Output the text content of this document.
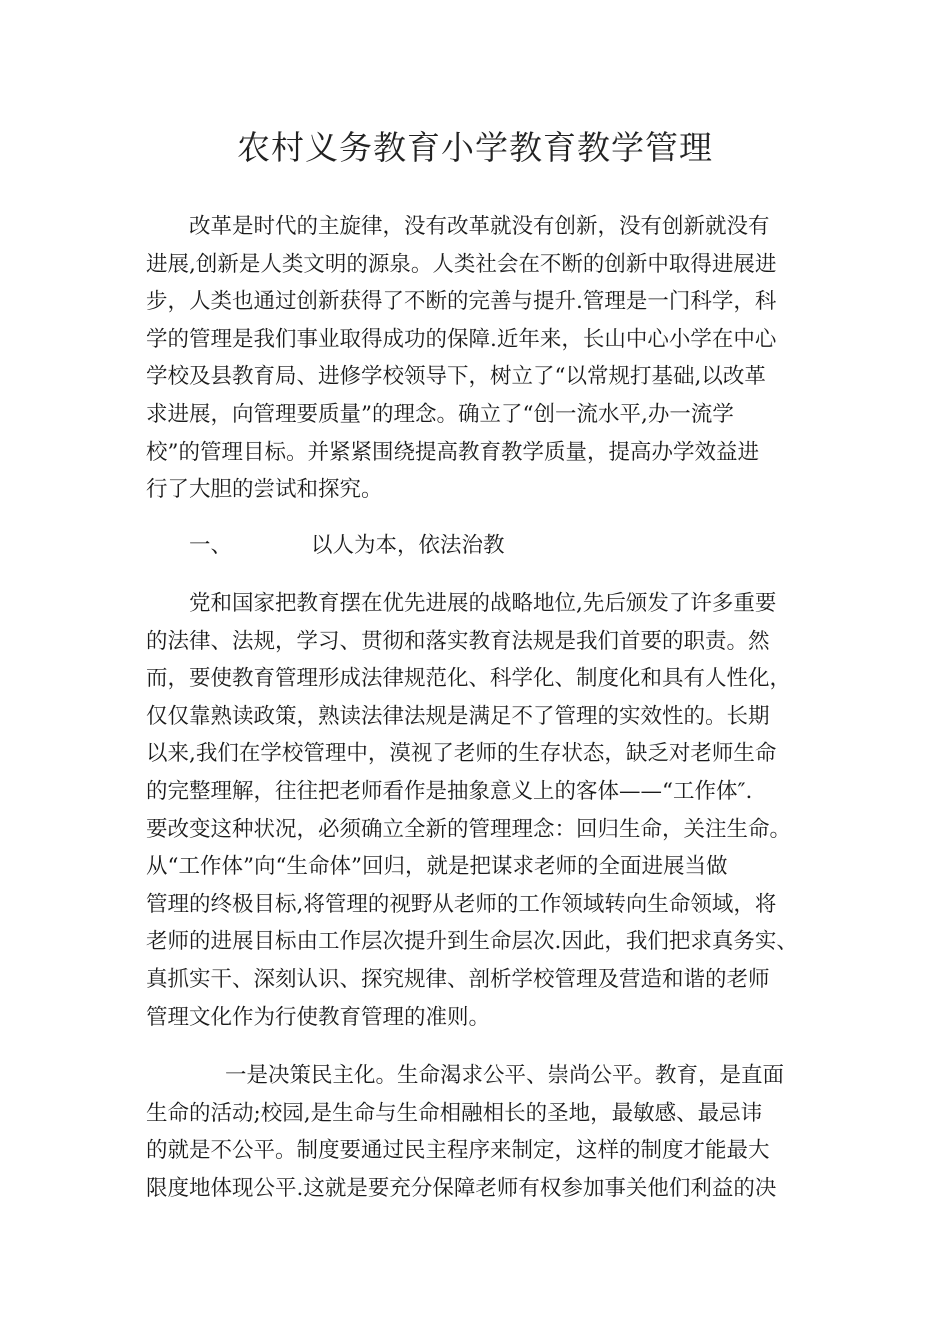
农村义务教育小学教育教学管理
改革是时代的主旋律，没有改革就没有创新，没有创新就没有
进展,创新是人类文明的源泉。人类社会在不断的创新中取得进展进
步，人类也通过创新获得了不断的完善与提升.管理是一门科学，科
学的管理是我们事业取得成功的保障.近年来，长山中心小学在中心
学校及县教育局、进修学校领导下，树立了“以常规打基础,以改革
求进展，向管理要质量”的理念。确立了“创一流水平,办一流学
校”的管理目标。并紧紧围绕提高教育教学质量，提高办学效益进
行了大胆的尝试和探究。
一、	以人为本，依法治教
党和国家把教育摆在优先进展的战略地位,先后颁发了许多重要
的法律、法规，学习、贯彻和落实教育法规是我们首要的职责。然
而，要使教育管理形成法律规范化、科学化、制度化和具有人性化，
仅仅靠熟读政策，熟读法律法规是满足不了管理的实效性的。长期
以来,我们在学校管理中，漠视了老师的生存状态，缺乏对老师生命
的完整理解，往往把老师看作是抽象意义上的客体——“工作体″.
要改变这种状况，必须确立全新的管理理念：回归生命，关注生命。
从“工作体”向“生命体”回归，就是把谋求老师的全面进展当做
管理的终极目标,将管理的视野从老师的工作领域转向生命领域，将
老师的进展目标由工作层次提升到生命层次.因此，我们把求真务实、
真抓实干、深刻认识、探究规律、剖析学校管理及营造和谐的老师
管理文化作为行使教育管理的准则。
一是决策民主化。生命渴求公平、崇尚公平。教育，是直面
生命的活动;校园,是生命与生命相融相长的圣地，最敏感、最忌讳
的就是不公平。制度要通过民主程序来制定，这样的制度才能最大
限度地体现公平.这就是要充分保障老师有权参加事关他们利益的决
